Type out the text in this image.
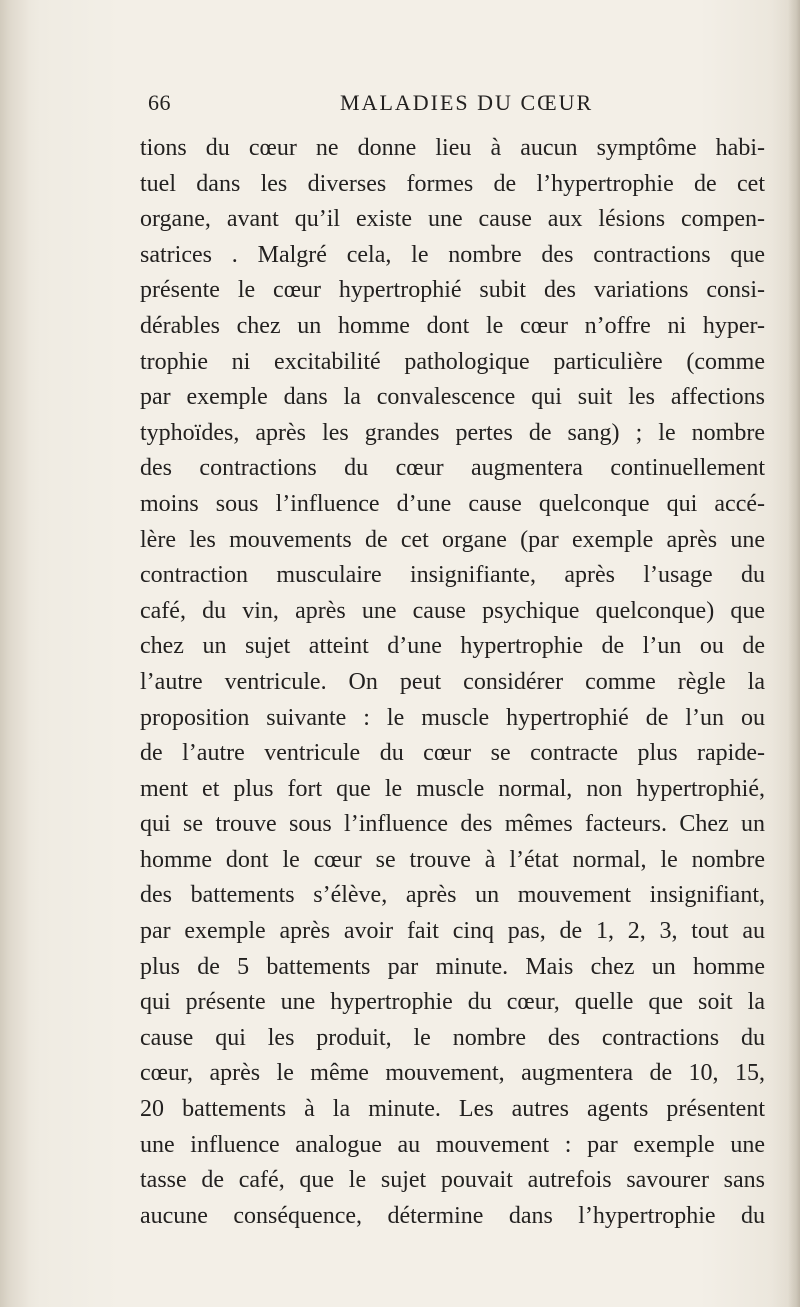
66	MALADIES DU CŒUR
tions du cœur ne donne lieu à aucun symptôme habi-
tuel dans les diverses formes de l’hypertrophie de cet
organe, avant qu’il existe une cause aux lésions compen-
satrices . Malgré cela, le nombre des contractions que
présente le cœur hypertrophié subit des variations consi-
dérables chez un homme dont le cœur n’offre ni hyper-
trophie ni excitabilité pathologique particulière (comme
par exemple dans la convalescence qui suit les affections
typhoïdes, après les grandes pertes de sang) ; le nombre
des contractions du cœur augmentera continuellement
moins sous l’influence d’une cause quelconque qui accé-
lère les mouvements de cet organe (par exemple après une
contraction musculaire insignifiante, après l’usage du
café, du vin, après une cause psychique quelconque) que
chez un sujet atteint d’une hypertrophie de l’un ou de
l’autre ventricule. On peut considérer comme règle la
proposition suivante : le muscle hypertrophié de l’un ou
de l’autre ventricule du cœur se contracte plus rapide-
ment et plus fort que le muscle normal, non hypertrophié,
qui se trouve sous l’influence des mêmes facteurs. Chez un
homme dont le cœur se trouve à l’état normal, le nombre
des battements s’élève, après un mouvement insignifiant,
par exemple après avoir fait cinq pas, de 1, 2, 3, tout au
plus de 5 battements par minute. Mais chez un homme
qui présente une hypertrophie du cœur, quelle que soit la
cause qui les produit, le nombre des contractions du
cœur, après le même mouvement, augmentera de 10, 15,
20 battements à la minute. Les autres agents présentent
une influence analogue au mouvement : par exemple une
tasse de café, que le sujet pouvait autrefois savourer sans
aucune conséquence, détermine dans l’hypertrophie du
